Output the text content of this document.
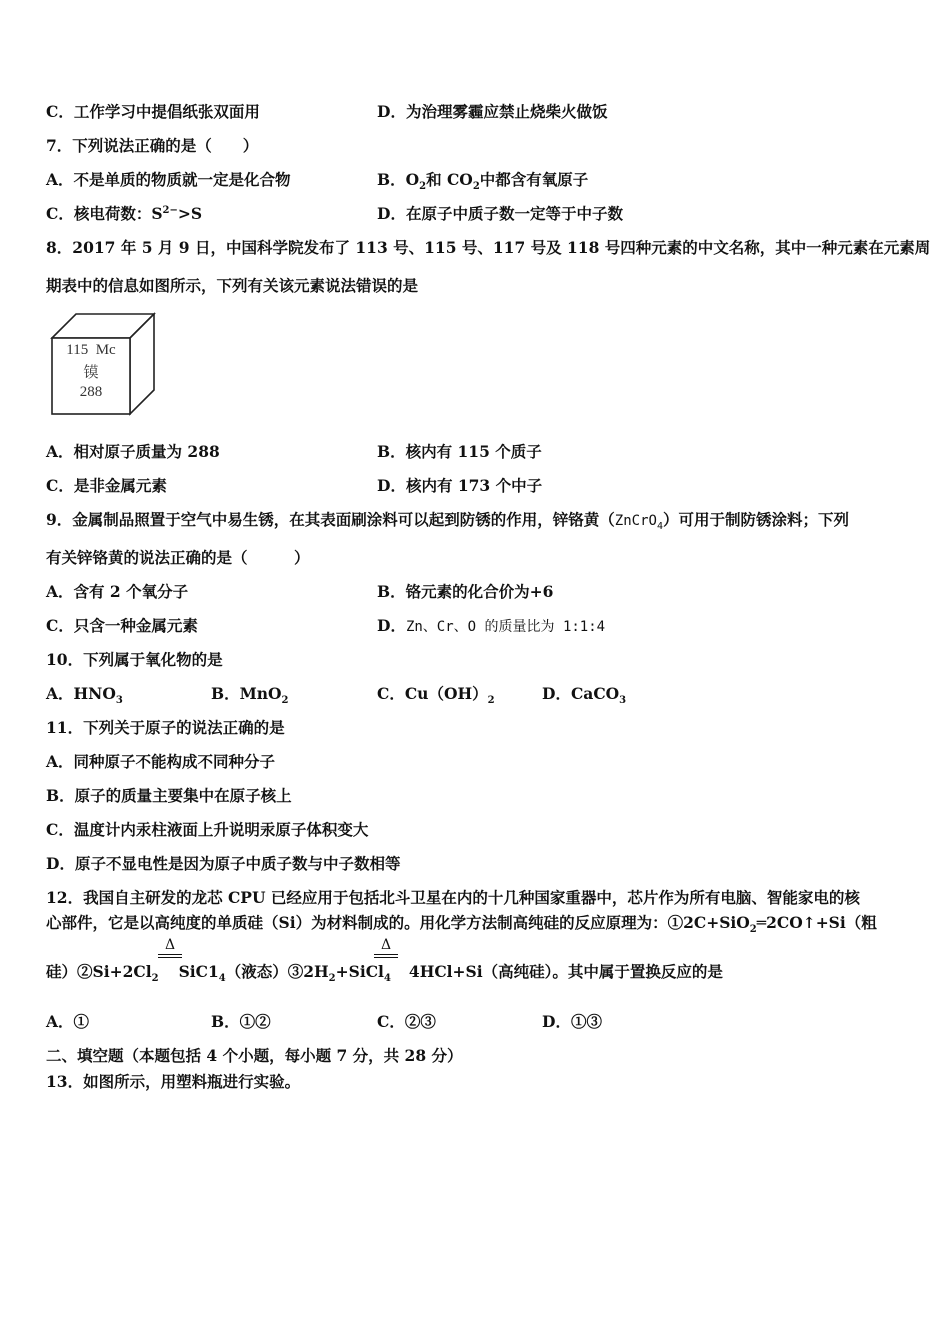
C．工作学习中提倡纸张双面用	D．为治理雾霾应禁止烧柴火做饭
7．下列说法正确的是（　　）
A．不是单质的物质就一定是化合物	B．$O_2$和 $CO_2$中都含有氧原子
C．核电荷数：$S^{2-}>S$	D．在原子中质子数一定等于中子数
8．2017 年 5 月 9 日，中国科学院发布了 113 号、115 号、117 号及 118 号四种元素的中文名称，其中一种元素在元素周
期表中的信息如图所示，下列有关该元素说法错误的是
115 Mc
镆
288
A．相对原子质量为 288	B．核内有 115 个质子
C．是非金属元素	D．核内有 173 个中子
9．金属制品照置于空气中易生锈，在其表面刷涂料可以起到防锈的作用，锌铬黄（ZnCrO$_4$）可用于制防锈涂料；下列
有关锌铬黄的说法正确的是（　　　）
A．含有 2 个氧分子	B．铬元素的化合价为+6
C．只含一种金属元素	D．Zn、Cr、O 的质量比为 1:1:4
10．下列属于氧化物的是
A．$HNO_3$	B．MnO$_2$	C．$Cu(OH)_2$	D．CaCO$_3$
11．下列关于原子的说法正确的是
A．同种原子不能构成不同种分子
B．原子的质量主要集中在原子核上
C．温度计内汞柱液面上升说明汞原子体积变大
D．原子不显电性是因为原子中质子数与中子数相等
12．我国自主研发的龙芯 CPU 已经应用于包括北斗卫星在内的十几种国家重器中，芯片作为所有电脑、智能家电的核
心部件，它是以高纯度的单质硅（Si）为材料制成的。用化学方法制高纯硅的反应原理为：①2C+SiO$_2$═2CO↑+Si（粗
Δ	Δ
硅）$②Si+2Cl_2$ $SiC1_4$（液态）$③2H_2+SiCl_4$ 4HCl+Si（高纯硅）。其中属于置换反应的是
A．①	B．①②	C．②③	D．①③
二、填空题（本题包括 4 个小题，每小题 7 分，共 28 分）
13．如图所示，用塑料瓶进行实验。
